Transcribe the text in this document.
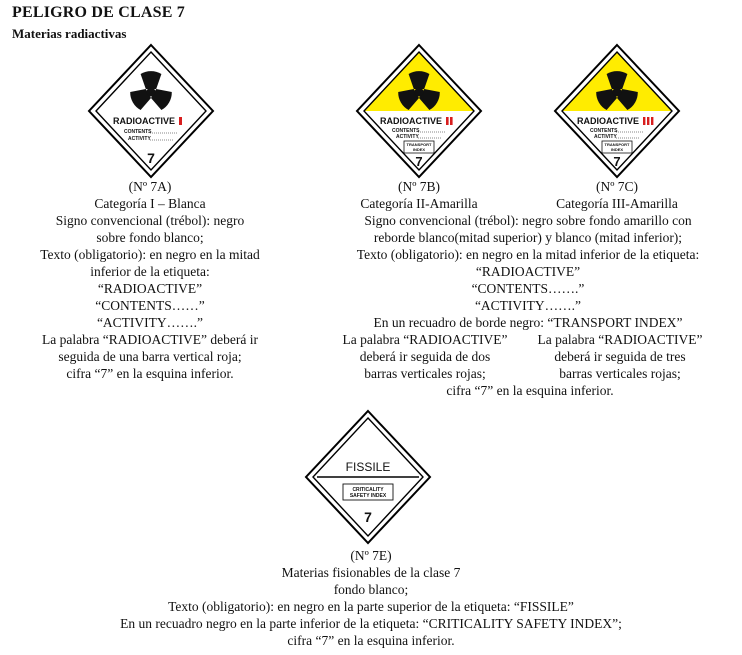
PELIGRO DE CLASE 7
Materias radiactivas
RADIOACTIVE
CONTENTS
ACTIVITY
7
RADIOACTIVE
CONTENTS
ACTIVITY
TRANSPORT
INDEX
7
RADIOACTIVE
CONTENTS
ACTIVITY
TRANSPORT
INDEX
7
FISSILE
CRITICALITY
SAFETY INDEX
7
(Nº 7A)
Categoría I – Blanca
Signo convencional (trébol): negro
sobre fondo blanco;
Texto (obligatorio): en negro en la mitad
inferior de la etiqueta:
“RADIOACTIVE”
“CONTENTS……”
“ACTIVITY…….”
La palabra “RADIOACTIVE” deberá ir
seguida de una barra vertical roja;
cifra “7” en la esquina inferior.
(Nº 7B)
Categoría II-Amarilla
(Nº 7C)
Categoría III-Amarilla
Signo convencional (trébol): negro sobre fondo amarillo con
reborde blanco(mitad superior) y blanco (mitad inferior);
Texto (obligatorio): en negro en la mitad inferior de la etiqueta:
“RADIOACTIVE”
“CONTENTS…….”
“ACTIVITY…….”
En un recuadro de borde negro: “TRANSPORT INDEX”
La palabra “RADIOACTIVE”
deberá ir seguida de dos
barras verticales rojas;
La palabra “RADIOACTIVE”
deberá ir seguida de tres
barras verticales rojas;
cifra “7” en la esquina inferior.
(Nº 7E)
Materias fisionables de la clase 7
fondo blanco;
Texto (obligatorio): en negro en la parte superior de la etiqueta: “FISSILE”
En un recuadro negro en la parte inferior de la etiqueta: “CRITICALITY SAFETY INDEX”;
cifra “7” en la esquina inferior.
